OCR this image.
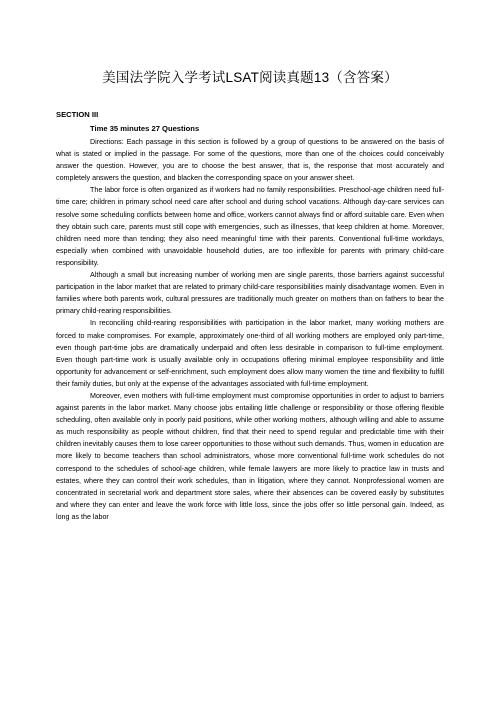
美国法学院入学考试LSAT阅读真题13（含答案）
SECTION III
Time 35 minutes 27 Questions

Directions: Each passage in this section is followed by a group of questions to be answered on the basis of what is stated or implied in the passage. For some of the questions, more than one of the choices could conceivably answer the question. However, you are to choose the best answer, that is, the response that most accurately and completely answers the question, and blacken the corresponding space on your answer sheet.

The labor force is often organized as if workers had no family responsibilities. Preschool-age children need full-time care; children in primary school need care after school and during school vacations. Although day-care services can resolve some scheduling conflicts between home and office, workers cannot always find or afford suitable care. Even when they obtain such care, parents must still cope with emergencies, such as illnesses, that keep children at home. Moreover, children need more than tending; they also need meaningful time with their parents. Conventional full-time workdays, especially when combined with unavoidable household duties, are too inflexible for parents with primary child-care responsibility.

Although a small but increasing number of working men are single parents, those barriers against successful participation in the labor market that are related to primary child-care responsibilities mainly disadvantage women. Even in families where both parents work, cultural pressures are traditionally much greater on mothers than on fathers to bear the primary child-rearing responsibilities.

In reconciling child-rearing responsibilities with participation in the labor market, many working mothers are forced to make compromises. For example, approximately one-third of all working mothers are employed only part-time, even though part-time jobs are dramatically underpaid and often less desirable in comparison to full-time employment. Even though part-time work is usually available only in occupations offering minimal employee responsibility and little opportunity for advancement or self-enrichment, such employment does allow many women the time and flexibility to fulfill their family duties, but only at the expense of the advantages associated with full-time employment.

Moreover, even mothers with full-time employment must compromise opportunities in order to adjust to barriers against parents in the labor market. Many choose jobs entailing little challenge or responsibility or those offering flexible scheduling, often available only in poorly paid positions, while other working mothers, although willing and able to assume as much responsibility as people without children, find that their need to spend regular and predictable time with their children inevitably causes them to lose career opportunities to those without such demands. Thus, women in education are more likely to become teachers than school administrators, whose more conventional full-time work schedules do not correspond to the schedules of school-age children, while female lawyers are more likely to practice law in trusts and estates, where they can control their work schedules, than in litigation, where they cannot. Nonprofessional women are concentrated in secretarial work and department store sales, where their absences can be covered easily by substitutes and where they can enter and leave the work force with little loss, since the jobs offer so little personal gain. Indeed, as long as the labor
